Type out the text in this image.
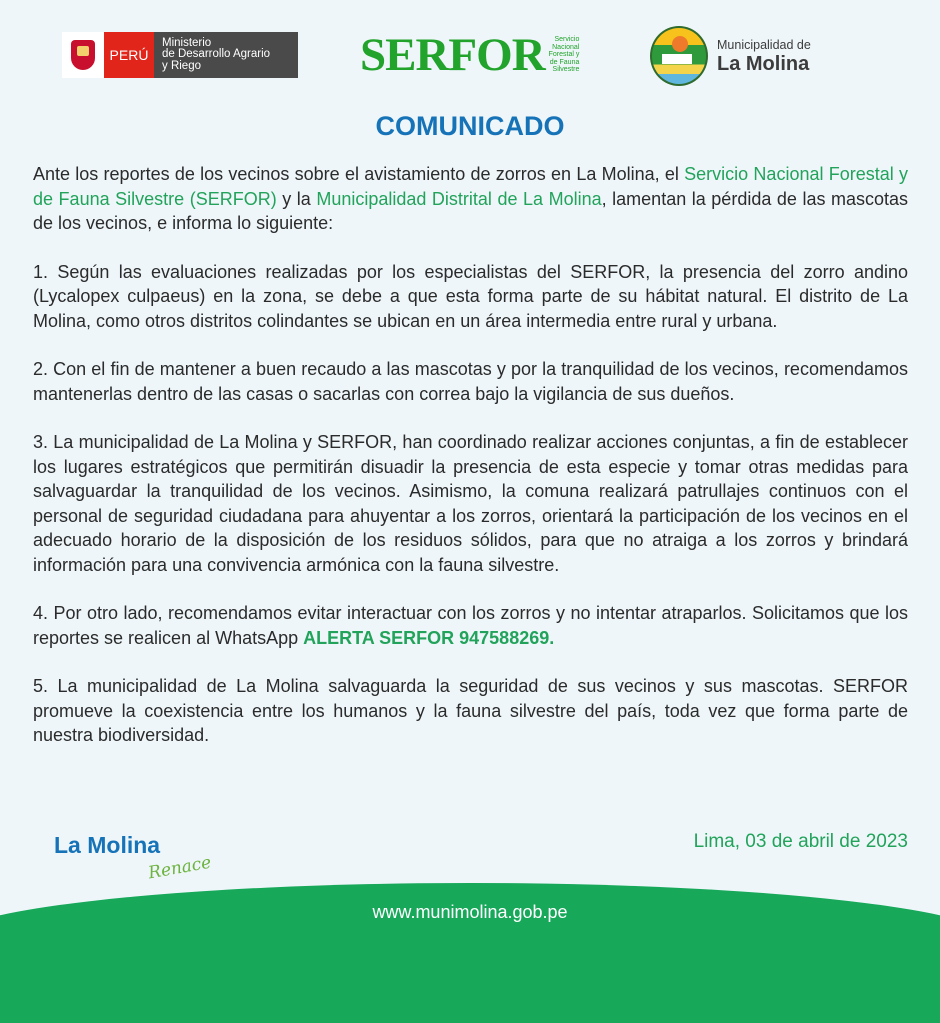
PERÚ
Ministerio
de Desarrollo Agrario
y Riego	SERFOR	Servicio
Nacional
Forestal y
de Fauna
Silvestre
Municipalidad de
La Molina
COMUNICADO

Ante los reportes de los vecinos sobre el avistamiento de zorros en La Molina, el Servicio Nacional Forestal y de Fauna Silvestre (SERFOR) y la Municipalidad Distrital de La Molina, lamentan la pérdida de las mascotas de los vecinos, e informa lo siguiente:

1. Según las evaluaciones realizadas por los especialistas del SERFOR, la presencia del zorro andino (Lycalopex culpaeus) en la zona, se debe a que esta forma parte de su hábitat natural. El distrito de La Molina, como otros distritos colindantes se ubican en un área intermedia entre rural y urbana.

2. Con el fin de mantener a buen recaudo a las mascotas y por la tranquilidad de los vecinos, recomendamos mantenerlas dentro de las casas o sacarlas con correa bajo la vigilancia de sus dueños.

3. La municipalidad de La Molina y SERFOR, han coordinado realizar acciones conjuntas, a fin de establecer los lugares estratégicos que permitirán disuadir la presencia de esta especie y tomar otras medidas para salvaguardar la tranquilidad de los vecinos. Asimismo, la comuna realizará patrullajes continuos con el personal de seguridad ciudadana para ahuyentar a los zorros, orientará la participación de los vecinos en el adecuado horario de la disposición de los residuos sólidos, para que no atraiga a los zorros y brindará información para una convivencia armónica con la fauna silvestre.

4. Por otro lado, recomendamos evitar interactuar con los zorros y no intentar atraparlos. Solicitamos que los reportes se realicen al WhatsApp ALERTA SERFOR 947588269.

5. La municipalidad de La Molina salvaguarda la seguridad de sus vecinos y sus mascotas. SERFOR promueve la coexistencia entre los humanos y la fauna silvestre del país, toda vez que forma parte de nuestra biodiversidad.

La Molina
Renace
Lima, 03 de abril de 2023
www.munimolina.gob.pe
